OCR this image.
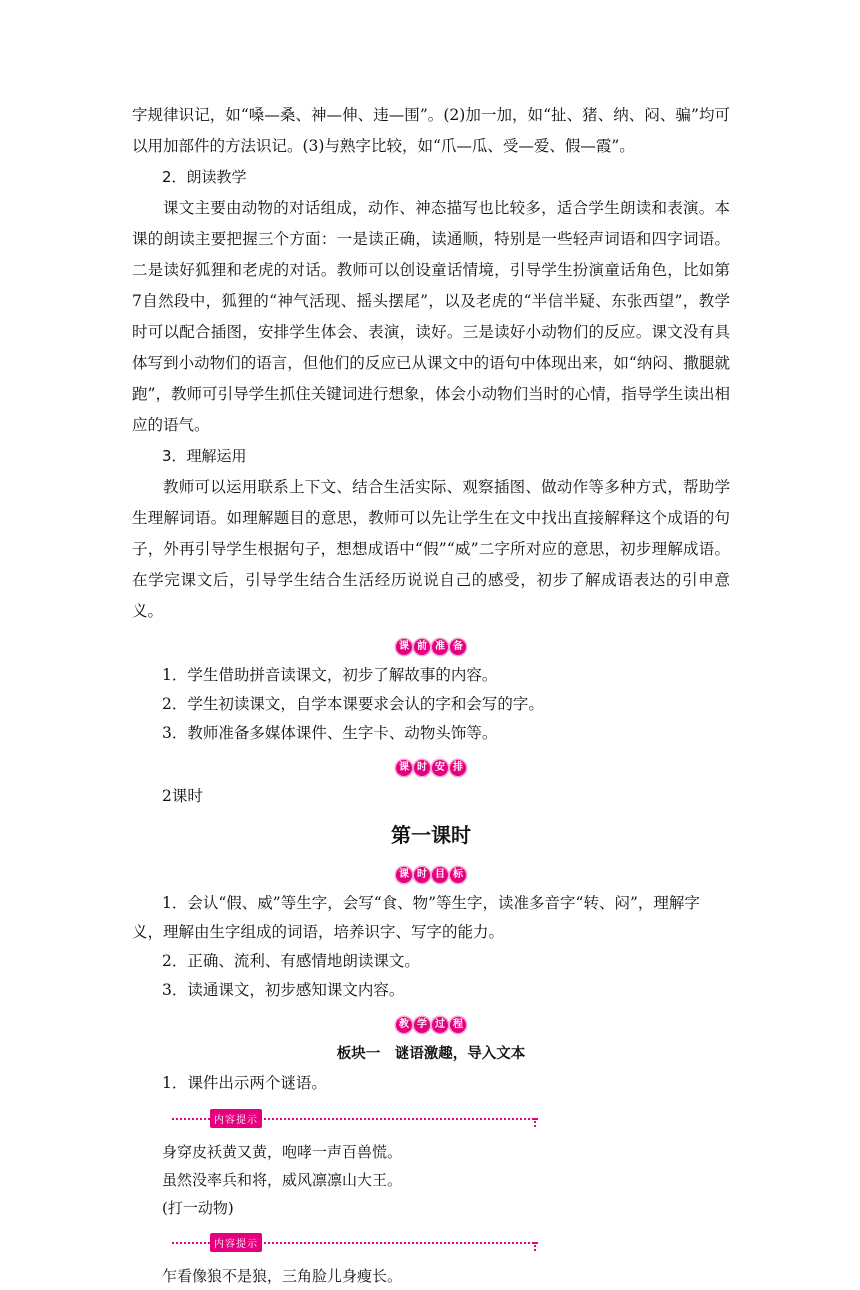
字规律识记，如“嗓—桑、神—伸、违—围”。(2)加一加，如“扯、猪、纳、闷、骗”均可以用加部件的方法识记。(3)与熟字比较，如“爪—瓜、受—爱、假—霞”。

2．朗读教学

课文主要由动物的对话组成，动作、神态描写也比较多，适合学生朗读和表演。本课的朗读主要把握三个方面：一是读正确，读通顺，特别是一些轻声词语和四字词语。二是读好狐狸和老虎的对话。教师可以创设童话情境，引导学生扮演童话角色，比如第7自然段中，狐狸的“神气活现、摇头摆尾”，以及老虎的“半信半疑、东张西望”，教学时可以配合插图，安排学生体会、表演，读好。三是读好小动物们的反应。课文没有具体写到小动物们的语言，但他们的反应已从课文中的语句中体现出来，如“纳闷、撒腿就跑”，教师可引导学生抓住关键词进行想象，体会小动物们当时的心情，指导学生读出相应的语气。

3．理解运用

教师可以运用联系上下文、结合生活实际、观察插图、做动作等多种方式，帮助学生理解词语。如理解题目的意思，教师可以先让学生在文中找出直接解释这个成语的句子，外再引导学生根据句子，想想成语中“假”“威”二字所对应的意思，初步理解成语。在学完课文后，引导学生结合生活经历说说自己的感受，初步了解成语表达的引申意义。

课 前 准 备

1．学生借助拼音读课文，初步了解故事的内容。

2．学生初读课文，自学本课要求会认的字和会写的字。

3．教师准备多媒体课件、生字卡、动物头饰等。

课 时 安 排

2课时

第一课时

课 时 目 标

1．会认“假、威”等生字，会写“食、物”等生字，读准多音字“转、闷”，理解字

义，理解由生字组成的词语，培养识字、写字的能力。

2．正确、流利、有感情地朗读课文。

3．读通课文，初步感知课文内容。

教 学 过 程

板块一　谜语激趣，导入文本

1．课件出示两个谜语。

内容提示

身穿皮袄黄又黄，咆哮一声百兽慌。

虽然没率兵和将，威风凛凛山大王。

(打一动物)

内容提示

乍看像狼不是狼，三角脸儿身瘦长。
